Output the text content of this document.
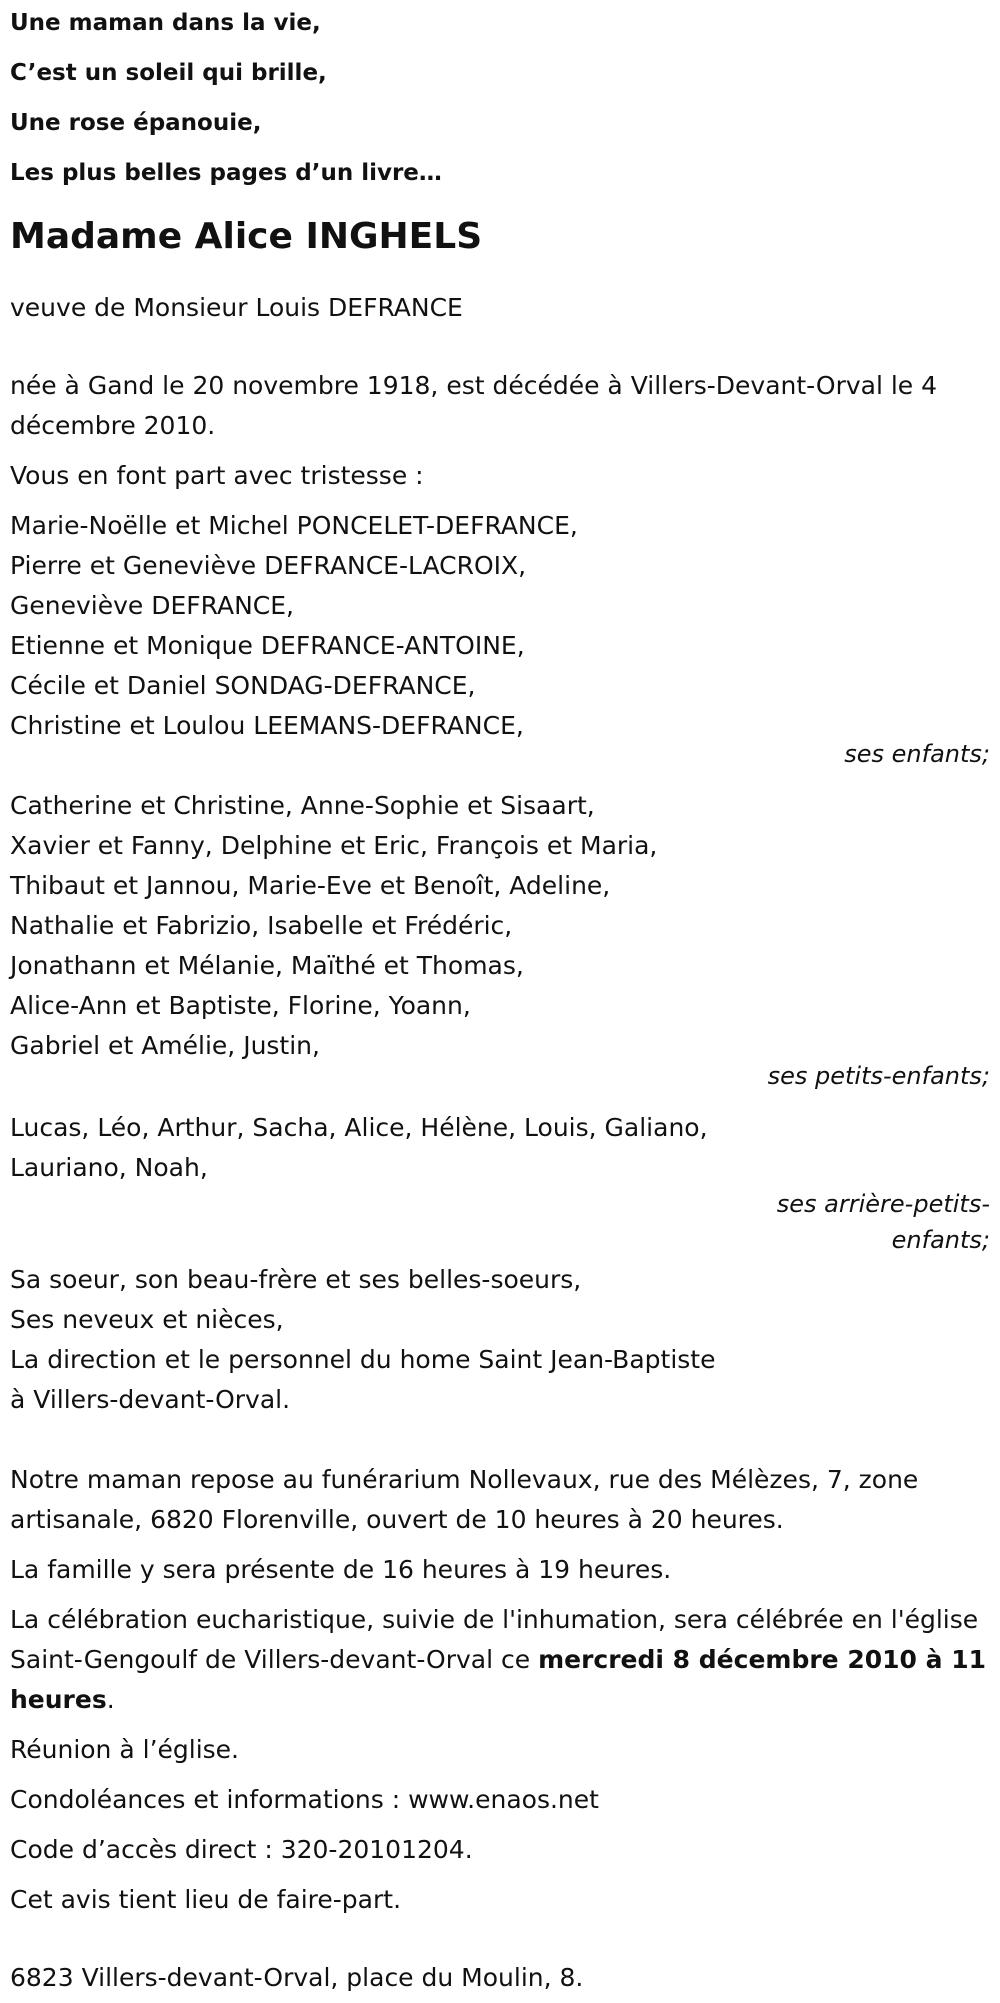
Une maman dans la vie,

C’est un soleil qui brille,

Une rose épanouie,

Les plus belles pages d’un livre…

Madame Alice INGHELS

veuve de Monsieur Louis DEFRANCE

née à Gand le 20 novembre 1918, est décédée à Villers-Devant-Orval le 4 décembre 2010.

Vous en font part avec tristesse :

Marie-Noëlle et Michel PONCELET-DEFRANCE,
Pierre et Geneviève DEFRANCE-LACROIX,
Geneviève DEFRANCE,
Etienne et Monique DEFRANCE-ANTOINE,
Cécile et Daniel SONDAG-DEFRANCE,
Christine et Loulou LEEMANS-DEFRANCE,
ses enfants;
Catherine et Christine, Anne-Sophie et Sisaart,
Xavier et Fanny, Delphine et Eric, François et Maria,
Thibaut et Jannou, Marie-Eve et Benoît, Adeline,
Nathalie et Fabrizio, Isabelle et Frédéric,
Jonathann et Mélanie, Maïthé et Thomas,
Alice-Ann et Baptiste, Florine, Yoann,
Gabriel et Amélie, Justin,
ses petits-enfants;
Lucas, Léo, Arthur, Sacha, Alice, Hélène, Louis, Galiano,
Lauriano, Noah,
ses arrière-petits-
enfants;
Sa soeur, son beau-frère et ses belles-soeurs,
Ses neveux et nièces,
La direction et le personnel du home Saint Jean-Baptiste
à Villers-devant-Orval.

Notre maman repose au funérarium Nollevaux, rue des Mélèzes, 7, zone artisanale, 6820 Florenville, ouvert de 10 heures à 20 heures.

La famille y sera présente de 16 heures à 19 heures.

La célébration eucharistique, suivie de l'inhumation, sera célébrée en l'église Saint-Gengoulf de Villers-devant-Orval ce mercredi 8 décembre 2010 à 11 heures.

Réunion à l’église.

Condoléances et informations : www.enaos.net

Code d’accès direct : 320-20101204.

Cet avis tient lieu de faire-part.

6823 Villers-devant-Orval, place du Moulin, 8.
